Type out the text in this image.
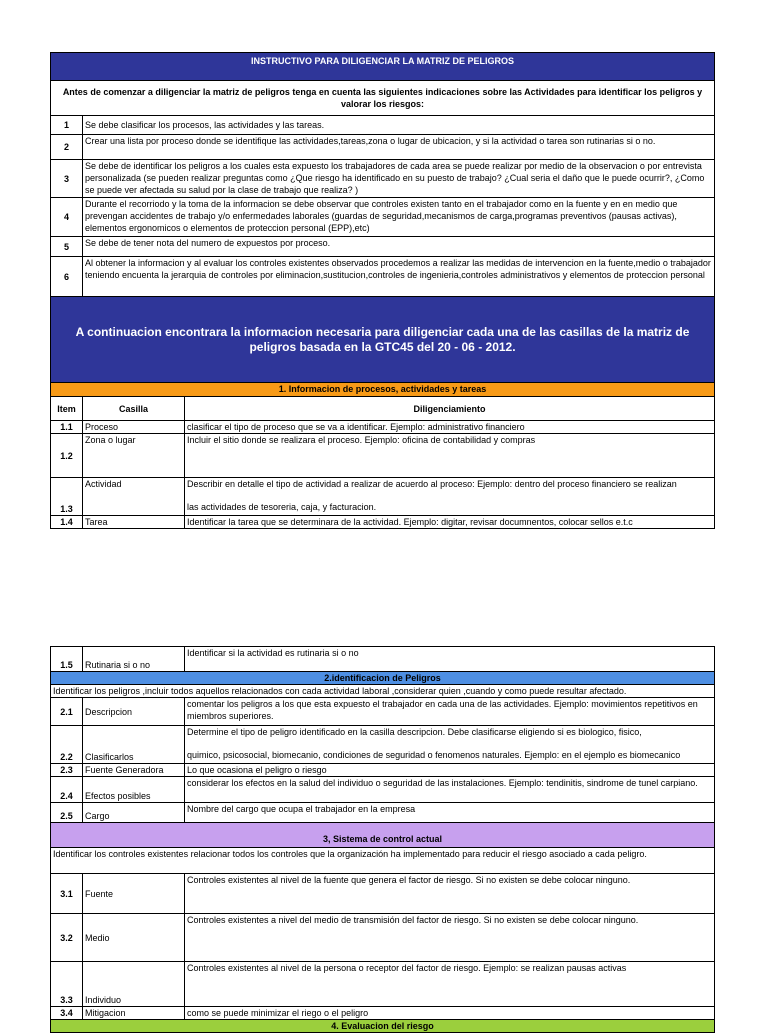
INSTRUCTIVO PARA DILIGENCIAR LA MATRIZ DE PELIGROS		
Antes de comenzar a diligenciar la matriz de peligros tenga en cuenta las siguientes indicaciones sobre las Actividades para identificar los peligros y valorar los riesgos:		
1	Se debe clasificar los procesos, las actividades y las tareas.	
2	Crear una lista por proceso donde se identifique las actividades,tareas,zona o lugar de ubicacion, y si la actividad o tarea son rutinarias si o no.	
3	Se debe de identificar los peligros a los cuales esta expuesto los trabajadores de cada area se puede realizar por medio de la observacion o por entrevista personalizada (se pueden realizar preguntas como ¿Que riesgo ha identificado en su puesto de trabajo? ¿Cual seria el daño que le puede ocurrir?, ¿Como se puede ver afectada su salud por la clase de trabajo que realiza? )	
4	Durante el recorriodo y la toma de la informacion se debe observar que controles existen tanto en el trabajador como en la fuente y en en medio que prevengan accidentes de trabajo y/o enfermedades laborales (guardas de seguridad,mecanismos de carga,programas preventivos (pausas activas), elementos ergonomicos o elementos de proteccion personal (EPP),etc)	
5	Se debe de tener nota del numero de expuestos por proceso.	
6	Al obtener la informacion y al evaluar los controles existentes observados procedemos a realizar las medidas de intervencion en la fuente,medio o trabajador teniendo encuenta la jerarquia de controles por eliminacion,sustitucion,controles de ingenieria,controles administrativos y elementos de proteccion personal	
A continuacion encontrara la informacion necesaria para diligenciar cada una de las casillas de la matriz de peligros basada en la GTC45 del 20 - 06 - 2012.		
1. Informacion de procesos, actividades y tareas		
Item	Casilla	Diligenciamiento
1.1	Proceso	clasificar el tipo de proceso que se va a identificar. Ejemplo: administrativo financiero
1.2	Zona o lugar	Incluir el sitio donde se realizara el proceso. Ejemplo: oficina de contabilidad y compras
1.3	Actividad	Describir en detalle el tipo de actividad a realizar de acuerdo al proceso: Ejemplo: dentro del proceso financiero se realizan
las actividades de tesoreria, caja, y facturacion.

1.4	Tarea	Identificar la tarea que se determinara de la actividad. Ejemplo: digitar, revisar documnentos, colocar sellos e.t.c
1.5	Rutinaria si o no	Identificar si la actividad es rutinaria si o no
2.identificacion de Peligros		
Identificar los peligros ,incluir todos aquellos relacionados con cada actividad laboral ,considerar quien ,cuando y como puede resultar afectado.		
2.1	Descripcion	comentar los peligros a los que esta expuesto el trabajador en cada una de las actividades. Ejemplo: movimientos repetitivos en miembros superiores.
2.2	Clasificarlos	Determine el tipo de peligro identificado en la casilla descripcion. Debe clasificarse eligiendo si es biologico, fisico,
quimico, psicosocial, biomecanio, condiciones de seguridad o fenomenos naturales. Ejemplo: en el ejemplo es biomecanico

2.3	Fuente Generadora	Lo que ocasiona el peligro o riesgo
2.4	Efectos posibles	considerar los efectos en la salud del individuo o seguridad de las instalaciones. Ejemplo: tendinitis, sindrome de tunel carpiano.
2.5	Cargo	Nombre del cargo que ocupa el trabajador en la empresa
3, Sistema de control actual		
Identificar los controles existentes relacionar todos los controles que la organización ha implementado para reducir el riesgo asociado a cada peligro.		
3.1	Fuente	Controles existentes al nivel de la fuente que genera el factor de riesgo. Si no existen se debe colocar ninguno.
3.2	Medio	Controles existentes a nivel del medio de transmisión del factor de riesgo. Si no existen se debe colocar ninguno.
3.3	Individuo	Controles existentes al nivel de la persona o receptor del factor de riesgo. Ejemplo: se realizan pausas activas
3.4	Mitigacion	como se puede minimizar el riego o el peligro
4. Evaluacion del riesgo		
